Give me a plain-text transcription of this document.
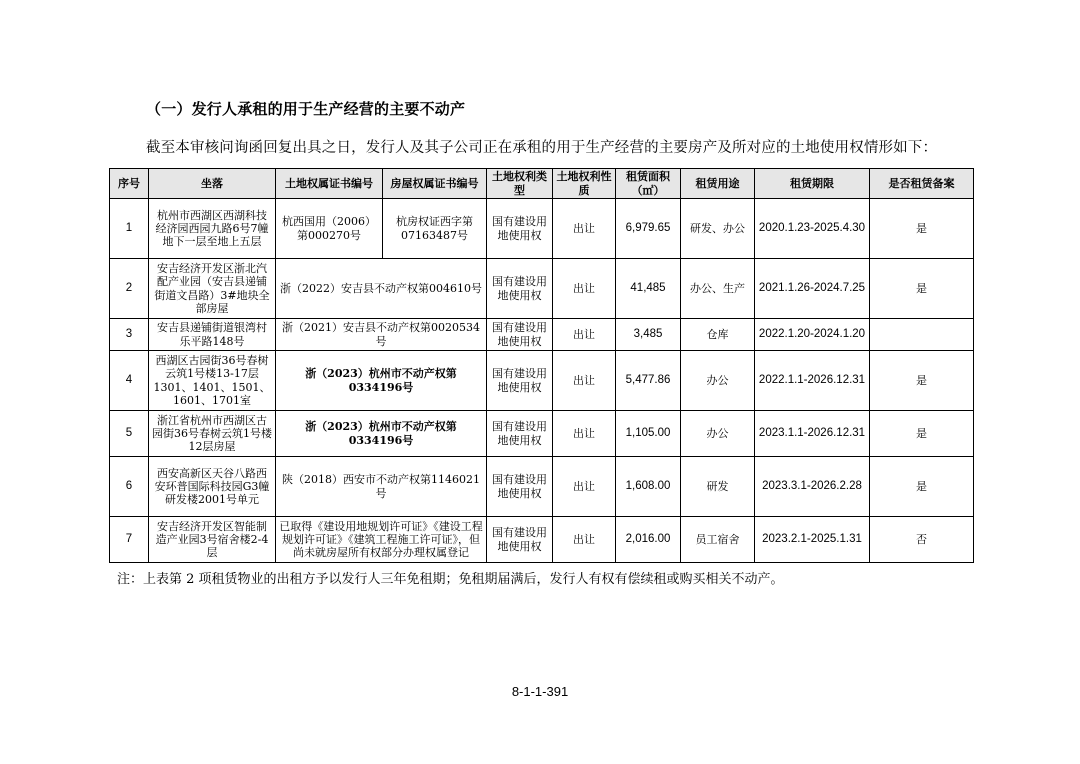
（一）发行人承租的用于生产经营的主要不动产
截至本审核问询函回复出具之日，发行人及其子公司正在承租的用于生产经营的主要房产及所对应的土地使用权情形如下：
序号	坐落	土地权属证书编号	房屋权属证书编号	土地权利类型	土地权利性质	租赁面积（㎡）	租赁用途	租赁期限	是否租赁备案
1	杭州市西湖区西湖科技经济园西园九路6号7幢地下一层至地上五层	杭西国用（2006）第000270号	杭房权证西字第07163487号	国有建设用地使用权	出让	6,979.65	研发、办公	2020.1.23-2025.4.30	是
2	安吉经济开发区浙北汽配产业园（安吉县递铺街道文昌路）3#地块全部房屋	浙（2022）安吉县不动产权第004610号		国有建设用地使用权	出让	41,485	办公、生产	2021.1.26-2024.7.25	是
3	安吉县递铺街道银湾村乐平路148号	浙（2021）安吉县不动产权第0020534号		国有建设用地使用权	出让	3,485	仓库	2022.1.20-2024.1.20	
4	西湖区古园街36号春树云筑1号楼13-17层1301、1401、1501、1601、1701室	浙（2023）杭州市不动产权第0334196号		国有建设用地使用权	出让	5,477.86	办公	2022.1.1-2026.12.31	是
5	浙江省杭州市西湖区古园街36号春树云筑1号楼12层房屋	浙（2023）杭州市不动产权第0334196号		国有建设用地使用权	出让	1,105.00	办公	2023.1.1-2026.12.31	是
6	西安高新区天谷八路西安环普国际科技园G3幢研发楼2001号单元	陕（2018）西安市不动产权第1146021号		国有建设用地使用权	出让	1,608.00	研发	2023.3.1-2026.2.28	是
7	安吉经济开发区智能制造产业园3号宿舍楼2-4层	已取得《建设用地规划许可证》《建设工程规划许可证》《建筑工程施工许可证》，但尚未就房屋所有权部分办理权属登记		国有建设用地使用权	出让	2,016.00	员工宿舍	2023.2.1-2025.1.31	否
注：上表第 2 项租赁物业的出租方予以发行人三年免租期；免租期届满后，发行人有权有偿续租或购买相关不动产。
8-1-1-391
